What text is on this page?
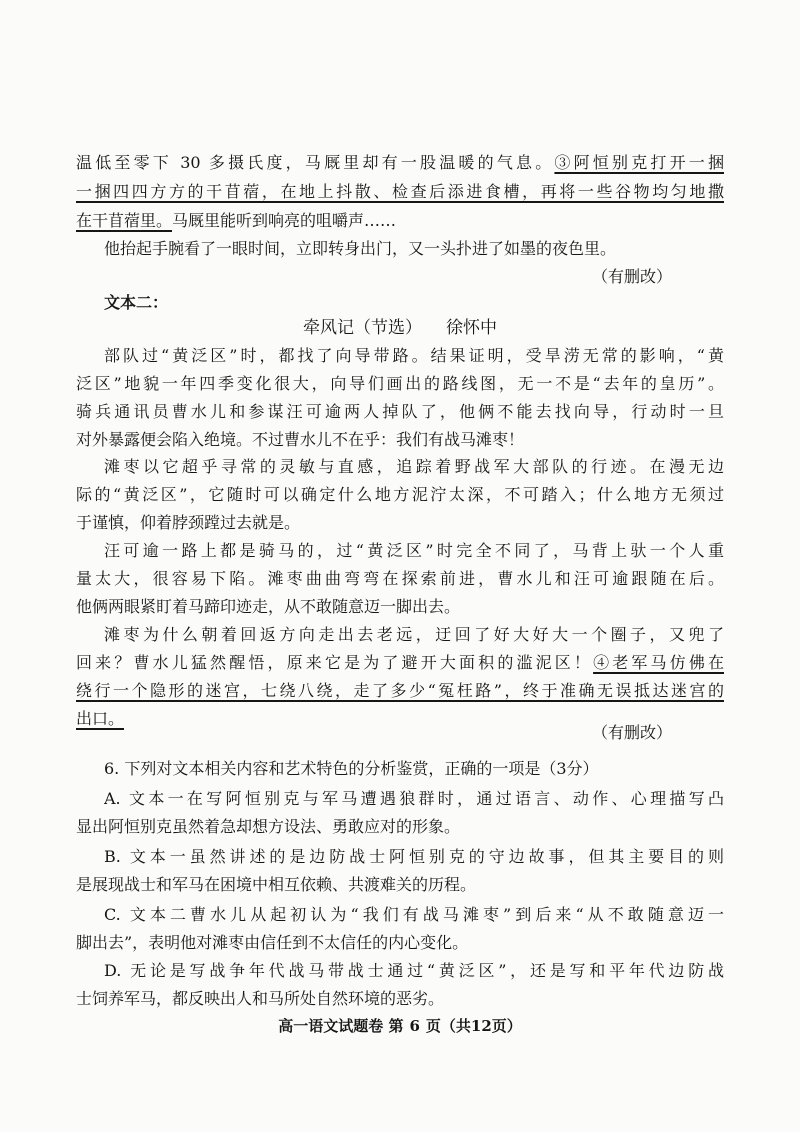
温低至零下 30 多摄氏度，马厩里却有一股温暖的气息。③阿恒别克打开一捆
一捆四四方方的干苜蓿，在地上抖散、检查后添进食槽，再将一些谷物均匀地撒
在干苜蓿里。马厩里能听到响亮的咀嚼声……
他抬起手腕看了一眼时间，立即转身出门，又一头扑进了如墨的夜色里。
（有删改）
文本二：
牵风记（节选） 徐怀中
部队过“黄泛区”时，都找了向导带路。结果证明，受旱涝无常的影响，“黄
泛区”地貌一年四季变化很大，向导们画出的路线图，无一不是“去年的皇历”。
骑兵通讯员曹水儿和参谋汪可逾两人掉队了，他俩不能去找向导，行动时一旦
对外暴露便会陷入绝境。不过曹水儿不在乎：我们有战马滩枣！
滩枣以它超乎寻常的灵敏与直感，追踪着野战军大部队的行迹。在漫无边
际的“黄泛区”，它随时可以确定什么地方泥泞太深，不可踏入；什么地方无须过
于谨慎，仰着脖颈蹚过去就是。
汪可逾一路上都是骑马的，过“黄泛区”时完全不同了，马背上驮一个人重
量太大，很容易下陷。滩枣曲曲弯弯在探索前进，曹水儿和汪可逾跟随在后。
他俩两眼紧盯着马蹄印迹走，从不敢随意迈一脚出去。
滩枣为什么朝着回返方向走出去老远，迂回了好大好大一个圈子，又兜了
回来？曹水儿猛然醒悟，原来它是为了避开大面积的滥泥区！④老军马仿佛在
绕行一个隐形的迷宫，七绕八绕，走了多少“冤枉路”，终于准确无误抵达迷宫的
出口。
（有删改）
6. 下列对文本相关内容和艺术特色的分析鉴赏，正确的一项是（3分）
A. 文本一在写阿恒别克与军马遭遇狼群时，通过语言、动作、心理描写凸
显出阿恒别克虽然着急却想方设法、勇敢应对的形象。
B. 文本一虽然讲述的是边防战士阿恒别克的守边故事，但其主要目的则
是展现战士和军马在困境中相互依赖、共渡难关的历程。
C. 文本二曹水儿从起初认为“我们有战马滩枣”到后来“从不敢随意迈一
脚出去”，表明他对滩枣由信任到不太信任的内心变化。
D. 无论是写战争年代战马带战士通过“黄泛区”，还是写和平年代边防战
士饲养军马，都反映出人和马所处自然环境的恶劣。
高一语文试题卷 第 6 页（共12页）
